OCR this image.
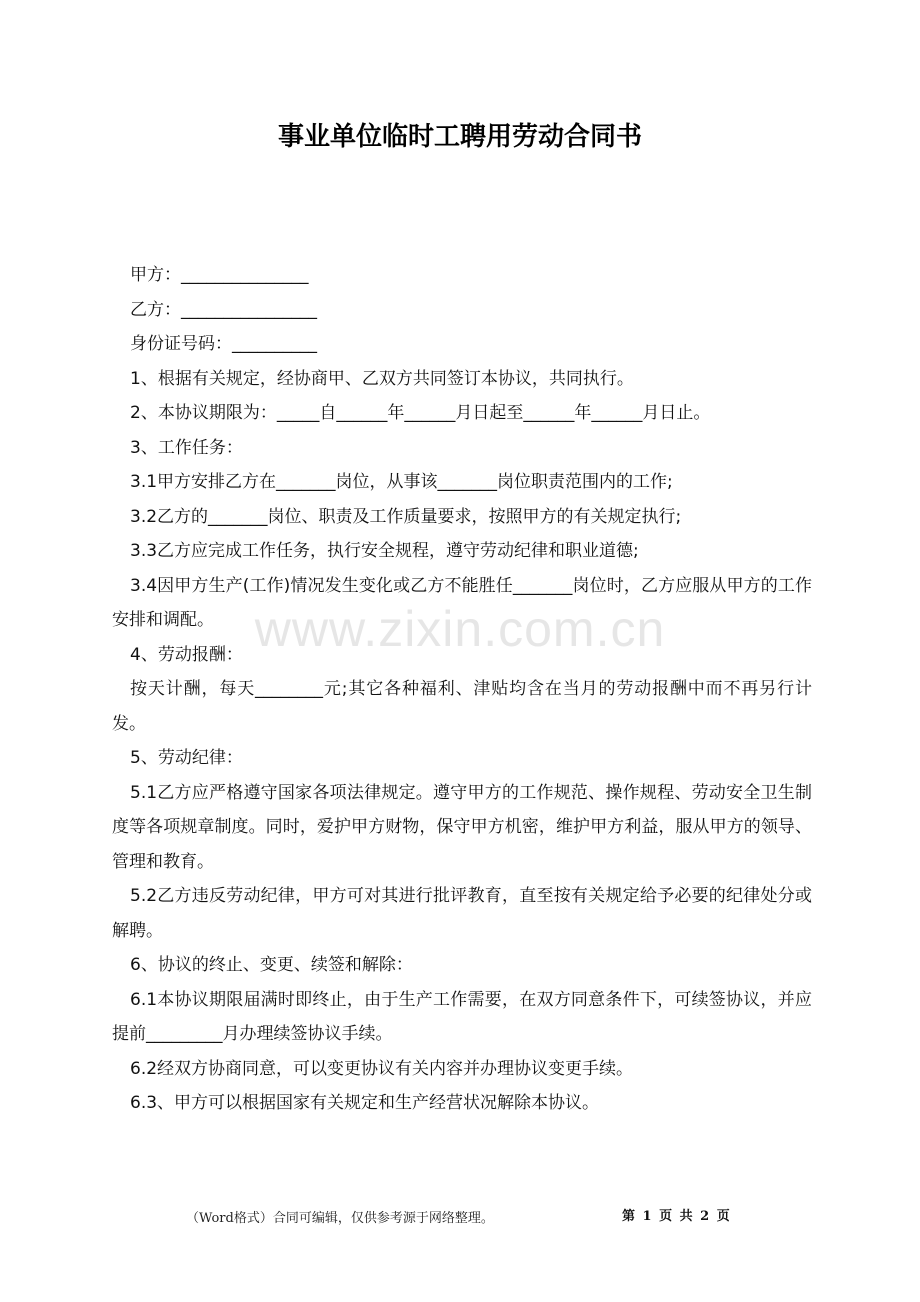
www.zixin.com.cn
事业单位临时工聘用劳动合同书

甲方：_______________

乙方：________________

身份证号码：__________

1、根据有关规定，经协商甲、乙双方共同签订本协议，共同执行。

2、本协议期限为：_____自______年______月日起至______年______月日止。

3、工作任务：

3.1甲方安排乙方在_______岗位，从事该_______岗位职责范围内的工作;

3.2乙方的_______岗位、职责及工作质量要求，按照甲方的有关规定执行;

3.3乙方应完成工作任务，执行安全规程，遵守劳动纪律和职业道德;

3.4因甲方生产(工作)情况发生变化或乙方不能胜任_______岗位时，乙方应服从甲方的工作安排和调配。

4、劳动报酬：

按天计酬，每天________元;其它各种福利、津贴均含在当月的劳动报酬中而不再另行计发。

5、劳动纪律：

5.1乙方应严格遵守国家各项法律规定。遵守甲方的工作规范、操作规程、劳动安全卫生制度等各项规章制度。同时，爱护甲方财物，保守甲方机密，维护甲方利益，服从甲方的领导、管理和教育。

5.2乙方违反劳动纪律，甲方可对其进行批评教育，直至按有关规定给予必要的纪律处分或解聘。

6、协议的终止、变更、续签和解除：

6.1本协议期限届满时即终止，由于生产工作需要，在双方同意条件下，可续签协议，并应提前_________月办理续签协议手续。

6.2经双方协商同意，可以变更协议有关内容并办理协议变更手续。

6.3、甲方可以根据国家有关规定和生产经营状况解除本协议。

（Word格式）合同可编辑，仅供参考源于网络整理。	第 1 页 共 2 页
